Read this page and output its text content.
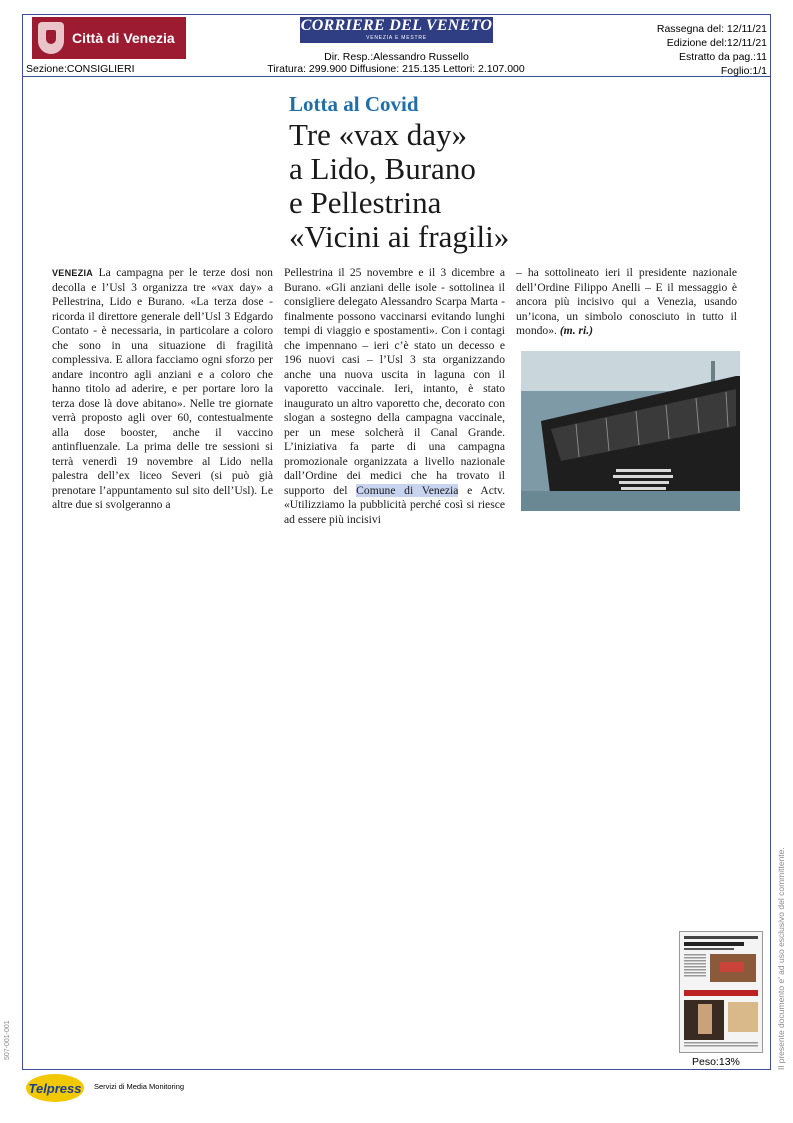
Città di Venezia
Sezione:CONSIGLIERI
CORRIERE DEL VENETO
VENEZIA E MESTRE
Dir. Resp.:Alessandro Russello
Tiratura: 299.900 Diffusione: 215.135 Lettori: 2.107.000
Rassegna del: 12/11/21
Edizione del:12/11/21
Estratto da pag.:11
Foglio:1/1
Lotta al Covid
Tre «vax day»
a Lido, Burano
e Pellestrina
«Vicini ai fragili»
VENEZIA La campagna per le terze dosi non decolla e l’Usl 3 organizza tre «vax day» a Pellestrina, Lido e Burano. «La terza dose - ricorda il direttore generale dell’Usl 3 Edgardo Contato - è necessaria, in particolare a coloro che sono in una situazione di fragilità complessiva. E allora facciamo ogni sforzo per andare incontro agli anziani e a coloro che hanno titolo ad aderire, e per portare loro la terza dose là dove abitano». Nelle tre giornate verrà proposto agli over 60, contestualmente alla dose booster, anche il vaccino antinfluenzale. La prima delle tre sessioni si terrà venerdì 19 novembre al Lido nella palestra dell’ex liceo Severi (si può già prenotare l’appuntamento sul sito dell’Usl). Le altre due si svolgeranno a
Pellestrina il 25 novembre e il 3 dicembre a Burano. «Gli anziani delle isole - sottolinea il consigliere delegato Alessandro Scarpa Marta - finalmente possono vaccinarsi evitando lunghi tempi di viaggio e spostamenti». Con i contagi che impennano – ieri c’è stato un decesso e 196 nuovi casi – l’Usl 3 sta organizzando anche una nuova uscita in laguna con il vaporetto vaccinale. Ieri, intanto, è stato inaugurato un altro vaporetto che, decorato con slogan a sostegno della campagna vaccinale, per un mese solcherà il Canal Grande. L’iniziativa fa parte di una campagna promozionale organizzata a livello nazionale dall’Ordine dei medici che ha trovato il supporto del Comune di Venezia e Actv. «Utilizziamo la pubblicità perché così si riesce ad essere più incisivi
– ha sottolineato ieri il presidente nazionale dell’Ordine Filippo Anelli – E il messaggio è ancora più incisivo qui a Venezia, usando un’icona, un simbolo conosciuto in tutto il mondo». (m. ri.)
Peso:13%	Il presente documento e' ad uso esclusivo del committente.
507-001-001
Telpress	Servizi di Media Monitoring
